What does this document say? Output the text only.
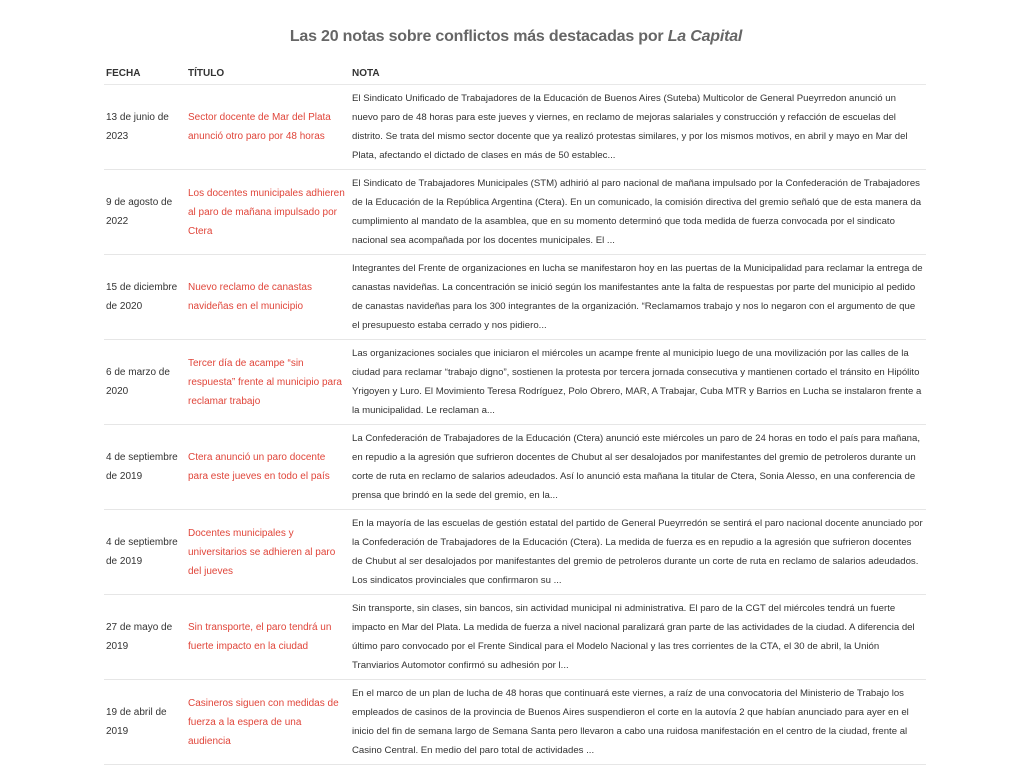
Las 20 notas sobre conflictos más destacadas por La Capital
FECHA	TÍTULO	NOTA
13 de junio de 2023	Sector docente de Mar del Plata anunció otro paro por 48 horas	El Sindicato Unificado de Trabajadores de la Educación de Buenos Aires (Suteba) Multicolor de General Pueyrredon anunció un nuevo paro de 48 horas para este jueves y viernes, en reclamo de mejoras salariales y construcción y refacción de escuelas del distrito. Se trata del mismo sector docente que ya realizó protestas similares, y por los mismos motivos, en abril y mayo en Mar del Plata, afectando el dictado de clases en más de 50 establec...

9 de agosto de 2022	Los docentes municipales adhieren al paro de mañana impulsado por Ctera	El Sindicato de Trabajadores Municipales (STM) adhirió al paro nacional de mañana impulsado por la Confederación de Trabajadores de la Educación de la República Argentina (Ctera). En un comunicado, la comisión directiva del gremio señaló que de esta manera da cumplimiento al mandato de la asamblea, que en su momento determinó que toda medida de fuerza convocada por el sindicato nacional sea acompañada por los docentes municipales. El ...

15 de diciembre de 2020	Nuevo reclamo de canastas navideñas en el municipio	Integrantes del Frente de organizaciones en lucha se manifestaron hoy en las puertas de la Municipalidad para reclamar la entrega de canastas navideñas. La concentración se inició según los manifestantes ante la falta de respuestas por parte del municipio al pedido de canastas navideñas para los 300 integrantes de la organización. “Reclamamos trabajo y nos lo negaron con el argumento de que el presupuesto estaba cerrado y nos pidiero...

6 de marzo de 2020	Tercer día de acampe “sin respuesta” frente al municipio para reclamar trabajo	Las organizaciones sociales que iniciaron el miércoles un acampe frente al municipio luego de una movilización por las calles de la ciudad para reclamar “trabajo digno”, sostienen la protesta por tercera jornada consecutiva y mantienen cortado el tránsito en Hipólito Yrigoyen y Luro. El Movimiento Teresa Rodríguez, Polo Obrero, MAR, A Trabajar, Cuba MTR y Barrios en Lucha se instalaron frente a la municipalidad. Le reclaman a...

4 de septiembre de 2019	Ctera anunció un paro docente para este jueves en todo el país	La Confederación de Trabajadores de la Educación (Ctera) anunció este miércoles un paro de 24 horas en todo el país para mañana, en repudio a la agresión que sufrieron docentes de Chubut al ser desalojados por manifestantes del gremio de petroleros durante un corte de ruta en reclamo de salarios adeudados. Así lo anunció esta mañana la titular de Ctera, Sonia Alesso, en una conferencia de prensa que brindó en la sede del gremio, en la...

4 de septiembre de 2019	Docentes municipales y universitarios se adhieren al paro del jueves	En la mayoría de las escuelas de gestión estatal del partido de General Pueyrredón se sentirá el paro nacional docente anunciado por la Confederación de Trabajadores de la Educación (Ctera). La medida de fuerza es en repudio a la agresión que sufrieron docentes de Chubut al ser desalojados por manifestantes del gremio de petroleros durante un corte de ruta en reclamo de salarios adeudados. Los sindicatos provinciales que confirmaron su ...

27 de mayo de 2019	Sin transporte, el paro tendrá un fuerte impacto en la ciudad	Sin transporte, sin clases, sin bancos, sin actividad municipal ni administrativa. El paro de la CGT del miércoles tendrá un fuerte impacto en Mar del Plata. La medida de fuerza a nivel nacional paralizará gran parte de las actividades de la ciudad. A diferencia del último paro convocado por el Frente Sindical para el Modelo Nacional y las tres corrientes de la CTA, el 30 de abril, la Unión Tranviarios Automotor confirmó su adhesión por l...

19 de abril de 2019	Casineros siguen con medidas de fuerza a la espera de una audiencia	En el marco de un plan de lucha de 48 horas que continuará este viernes, a raíz de una convocatoria del Ministerio de Trabajo los empleados de casinos de la provincia de Buenos Aires suspendieron el corte en la autovía 2 que habían anunciado para ayer en el inicio del fin de semana largo de Semana Santa pero llevaron a cabo una ruidosa manifestación en el centro de la ciudad, frente al Casino Central. En medio del paro total de actividades ...
